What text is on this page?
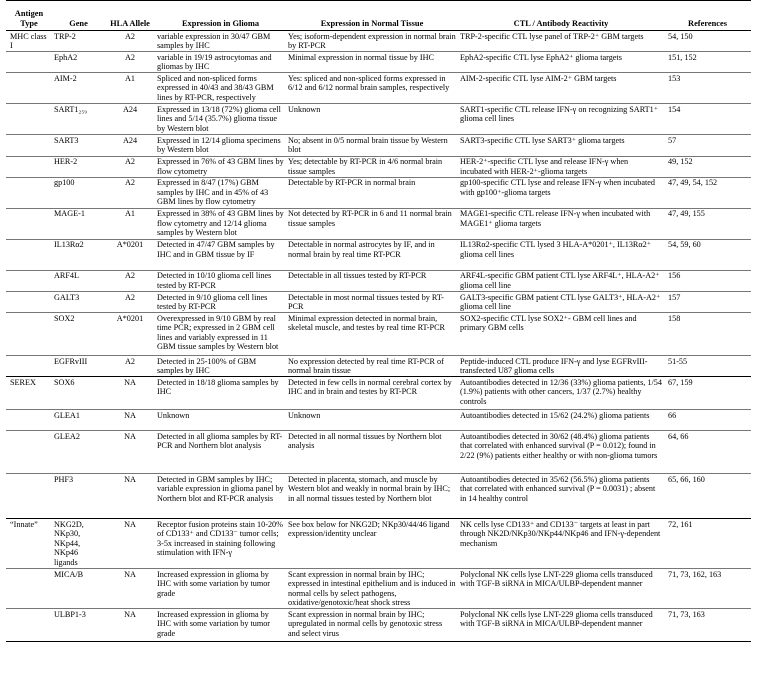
Antigen Type	Gene	HLA Allele	Expression in Glioma	Expression in Normal Tissue	CTL / Antibody Reactivity	References
MHC class I	TRP-2	A2	variable expression in 30/47 GBM samples by IHC	Yes; isoform-dependent expression in normal brain by RT-PCR	TRP-2-specific CTL lyse panel of TRP-2⁺ GBM targets	54, 150
	EphA2	A2	variable in 19/19 astrocytomas and gliomas by IHC	Minimal expression in normal tissue by IHC	EphA2-specific CTL lyse EphA2⁺ glioma targets	151, 152
	AIM-2	A1	Spliced and non-spliced forms expressed in 40/43 and 38/43 GBM lines by RT-PCR, respectively	Yes: spliced and non-spliced forms expressed in 6/12 and 6/12 normal brain samples, respectively	AIM-2-specific CTL lyse AIM-2⁺ GBM targets	153
	SART1₂₅₉	A24	Expressed in 13/18 (72%) glioma cell lines and 5/14 (35.7%) glioma tissue by Western blot	Unknown	SART1-specific CTL release IFN-γ on recognizing SART1⁺ glioma cell lines	154
	SART3	A24	Expressed in 12/14 glioma specimens by Western blot	No; absent in 0/5 normal brain tissue by Western blot	SART3-specific CTL lyse SART3⁺ glioma targets	57
	HER-2	A2	Expressed in 76% of 43 GBM lines by flow cytometry	Yes; detectable by RT-PCR in 4/6 normal brain tissue samples	HER-2⁺-specific CTL lyse and release IFN-γ when incubated with HER-2⁺-glioma targets	49, 152
	gp100	A2	Expressed in 8/47 (17%) GBM samples by IHC and in 45% of 43 GBM lines by flow cytometry	Detectable by RT-PCR in normal brain	gp100-specific CTL lyse and release IFN-γ when incubated with gp100⁺-glioma targets	47, 49, 54, 152
	MAGE-1	A1	Expressed in 38% of 43 GBM lines by flow cytometry and 12/14 glioma samples by Western blot	Not detected by RT-PCR in 6 and 11 normal brain tissue samples	MAGE1-specific CTL release IFN-γ when incubated with MAGE1⁺ glioma targets	47, 49, 155
	IL13Rα2	A*0201	Detected in 47/47 GBM samples by IHC and in GBM tissue by IF	Detectable in normal astrocytes by IF, and in normal brain by real time RT-PCR	IL13Rα2-specific CTL lysed 3 HLA-A*0201⁺, IL13Rα2⁺ glioma cell lines	54, 59, 60
	ARF4L	A2	Detected in 10/10 glioma cell lines tested by RT-PCR	Detectable in all tissues tested by RT-PCR	ARF4L-specific GBM patient CTL lyse ARF4L⁺, HLA-A2⁺ glioma cell line	156
	GALT3	A2	Detected in 9/10 glioma cell lines tested by RT-PCR	Detectable in most normal tissues tested by RT-PCR	GALT3-specific GBM patient CTL lyse GALT3⁺, HLA-A2⁺ glioma cell line	157
	SOX2	A*0201	Overexpressed in 9/10 GBM by real time PCR; expressed in 2 GBM cell lines and variably expressed in 11 GBM tissue samples by Western blot	Minimal expression detected in normal brain, skeletal muscle, and testes by real time RT-PCR	SOX2-specific CTL lyse SOX2⁺- GBM cell lines and primary GBM cells	158
	EGFRvIII	A2	Detected in 25-100% of GBM samples by IHC	No expression detected by real time RT-PCR of normal brain tissue	Peptide-induced CTL produce IFN-γ and lyse EGFRvIII-transfected U87 glioma cells	51-55
SEREX	SOX6	NA	Detected in 18/18 glioma samples by IHC	Detected in few cells in normal cerebral cortex by IHC and in brain and testes by RT-PCR	Autoantibodies detected in 12/36 (33%) glioma patients, 1/54 (1.9%) patients with other cancers, 1/37 (2.7%) healthy controls	67, 159
	GLEA1	NA	Unknown	Unknown	Autoantibodies detected in 15/62 (24.2%) glioma patients	66
	GLEA2	NA	Detected in all glioma samples by RT-PCR and Northern blot analysis	Detected in all normal tissues by Northern blot analysis	Autoantibodies detected in 30/62 (48.4%) glioma patients that correlated with enhanced survival (P = 0.012); found in 2/22 (9%) patients either healthy or with non-glioma tumors	64, 66
	PHF3	NA	Detected in GBM samples by IHC; variable expression in glioma panel by Northern blot and RT-PCR analysis	Detected in placenta, stomach, and muscle by Western blot and weakly in normal brain by IHC; in all normal tissues tested by Northern blot	Autoantibodies detected in 35/62 (56.5%) glioma patients that correlated with enhanced survival (P = 0.0031) ; absent in 14 healthy control	65, 66, 160
“Innate”	NKG2D, NKp30, NKp44, NKp46 ligands	NA	Receptor fusion proteins stain 10-20% of CD133⁺ and CD133⁻ tumor cells; 3-5x increased in staining following stimulation with IFN-γ	See box below for NKG2D; NKp30/44/46 ligand expression/identity unclear	NK cells lyse CD133⁺ and CD133⁻ targets at least in part through NK2D/NKp30/NKp44/NKp46 and IFN-γ-dependent mechanism	72, 161
	MICA/B	NA	Increased expression in glioma by IHC with some variation by tumor grade	Scant expression in normal brain by IHC; expressed in intestinal epithelium and is induced in normal cells by select pathogens, oxidative/genotoxic/heat shock stress	Polyclonal NK cells lyse LNT-229 glioma cells transduced with TGF-B siRNA in MICA/ULBP-dependent manner	71, 73, 162, 163
	ULBP1-3	NA	Increased expression in glioma by IHC with some variation by tumor grade	Scant expression in normal brain by IHC; upregulated in normal cells by genotoxic stress and select virus	Polyclonal NK cells lyse LNT-229 glioma cells transduced with TGF-B siRNA in MICA/ULBP-dependent manner	71, 73, 163
